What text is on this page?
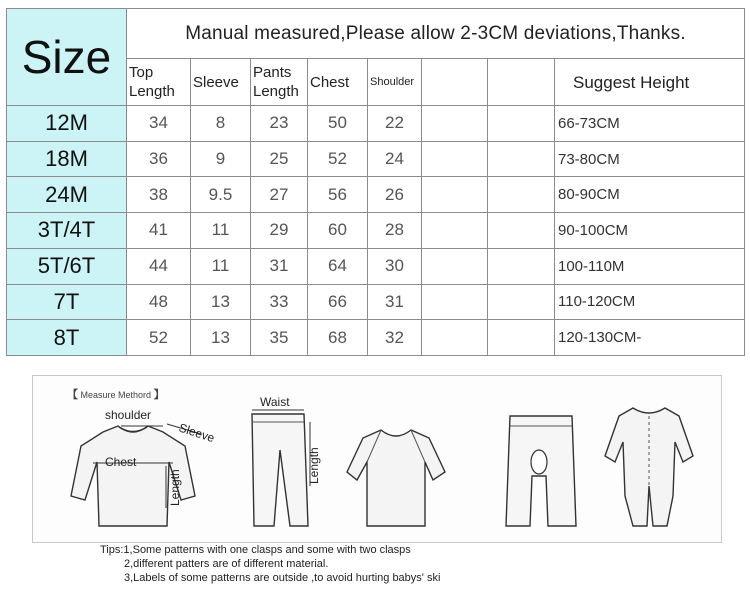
Size	Manual measured,Please allow 2-3CM deviations,Thanks.							
	Top Length	Sleeve	Pants Length	Chest	Shoulder			Suggest Height
12M	34	8	23	50	22			66-73CM
18M	36	9	25	52	24			73-80CM
24M	38	9.5	27	56	26			80-90CM
3T/4T	41	11	29	60	28			90-100CM
5T/6T	44	11	31	64	30			100-110M
7T	48	13	33	66	31			110-120CM
8T	52	13	35	68	32			120-130CM-
【 Measure Methord 】
shoulder
Sleeve
Chest
Length
Waist
Length
Tips:1,Some patterns with one clasps and some with two clasps
2,different patters are of different material.
3,Labels of some patterns are outside ,to avoid hurting babys' ski
